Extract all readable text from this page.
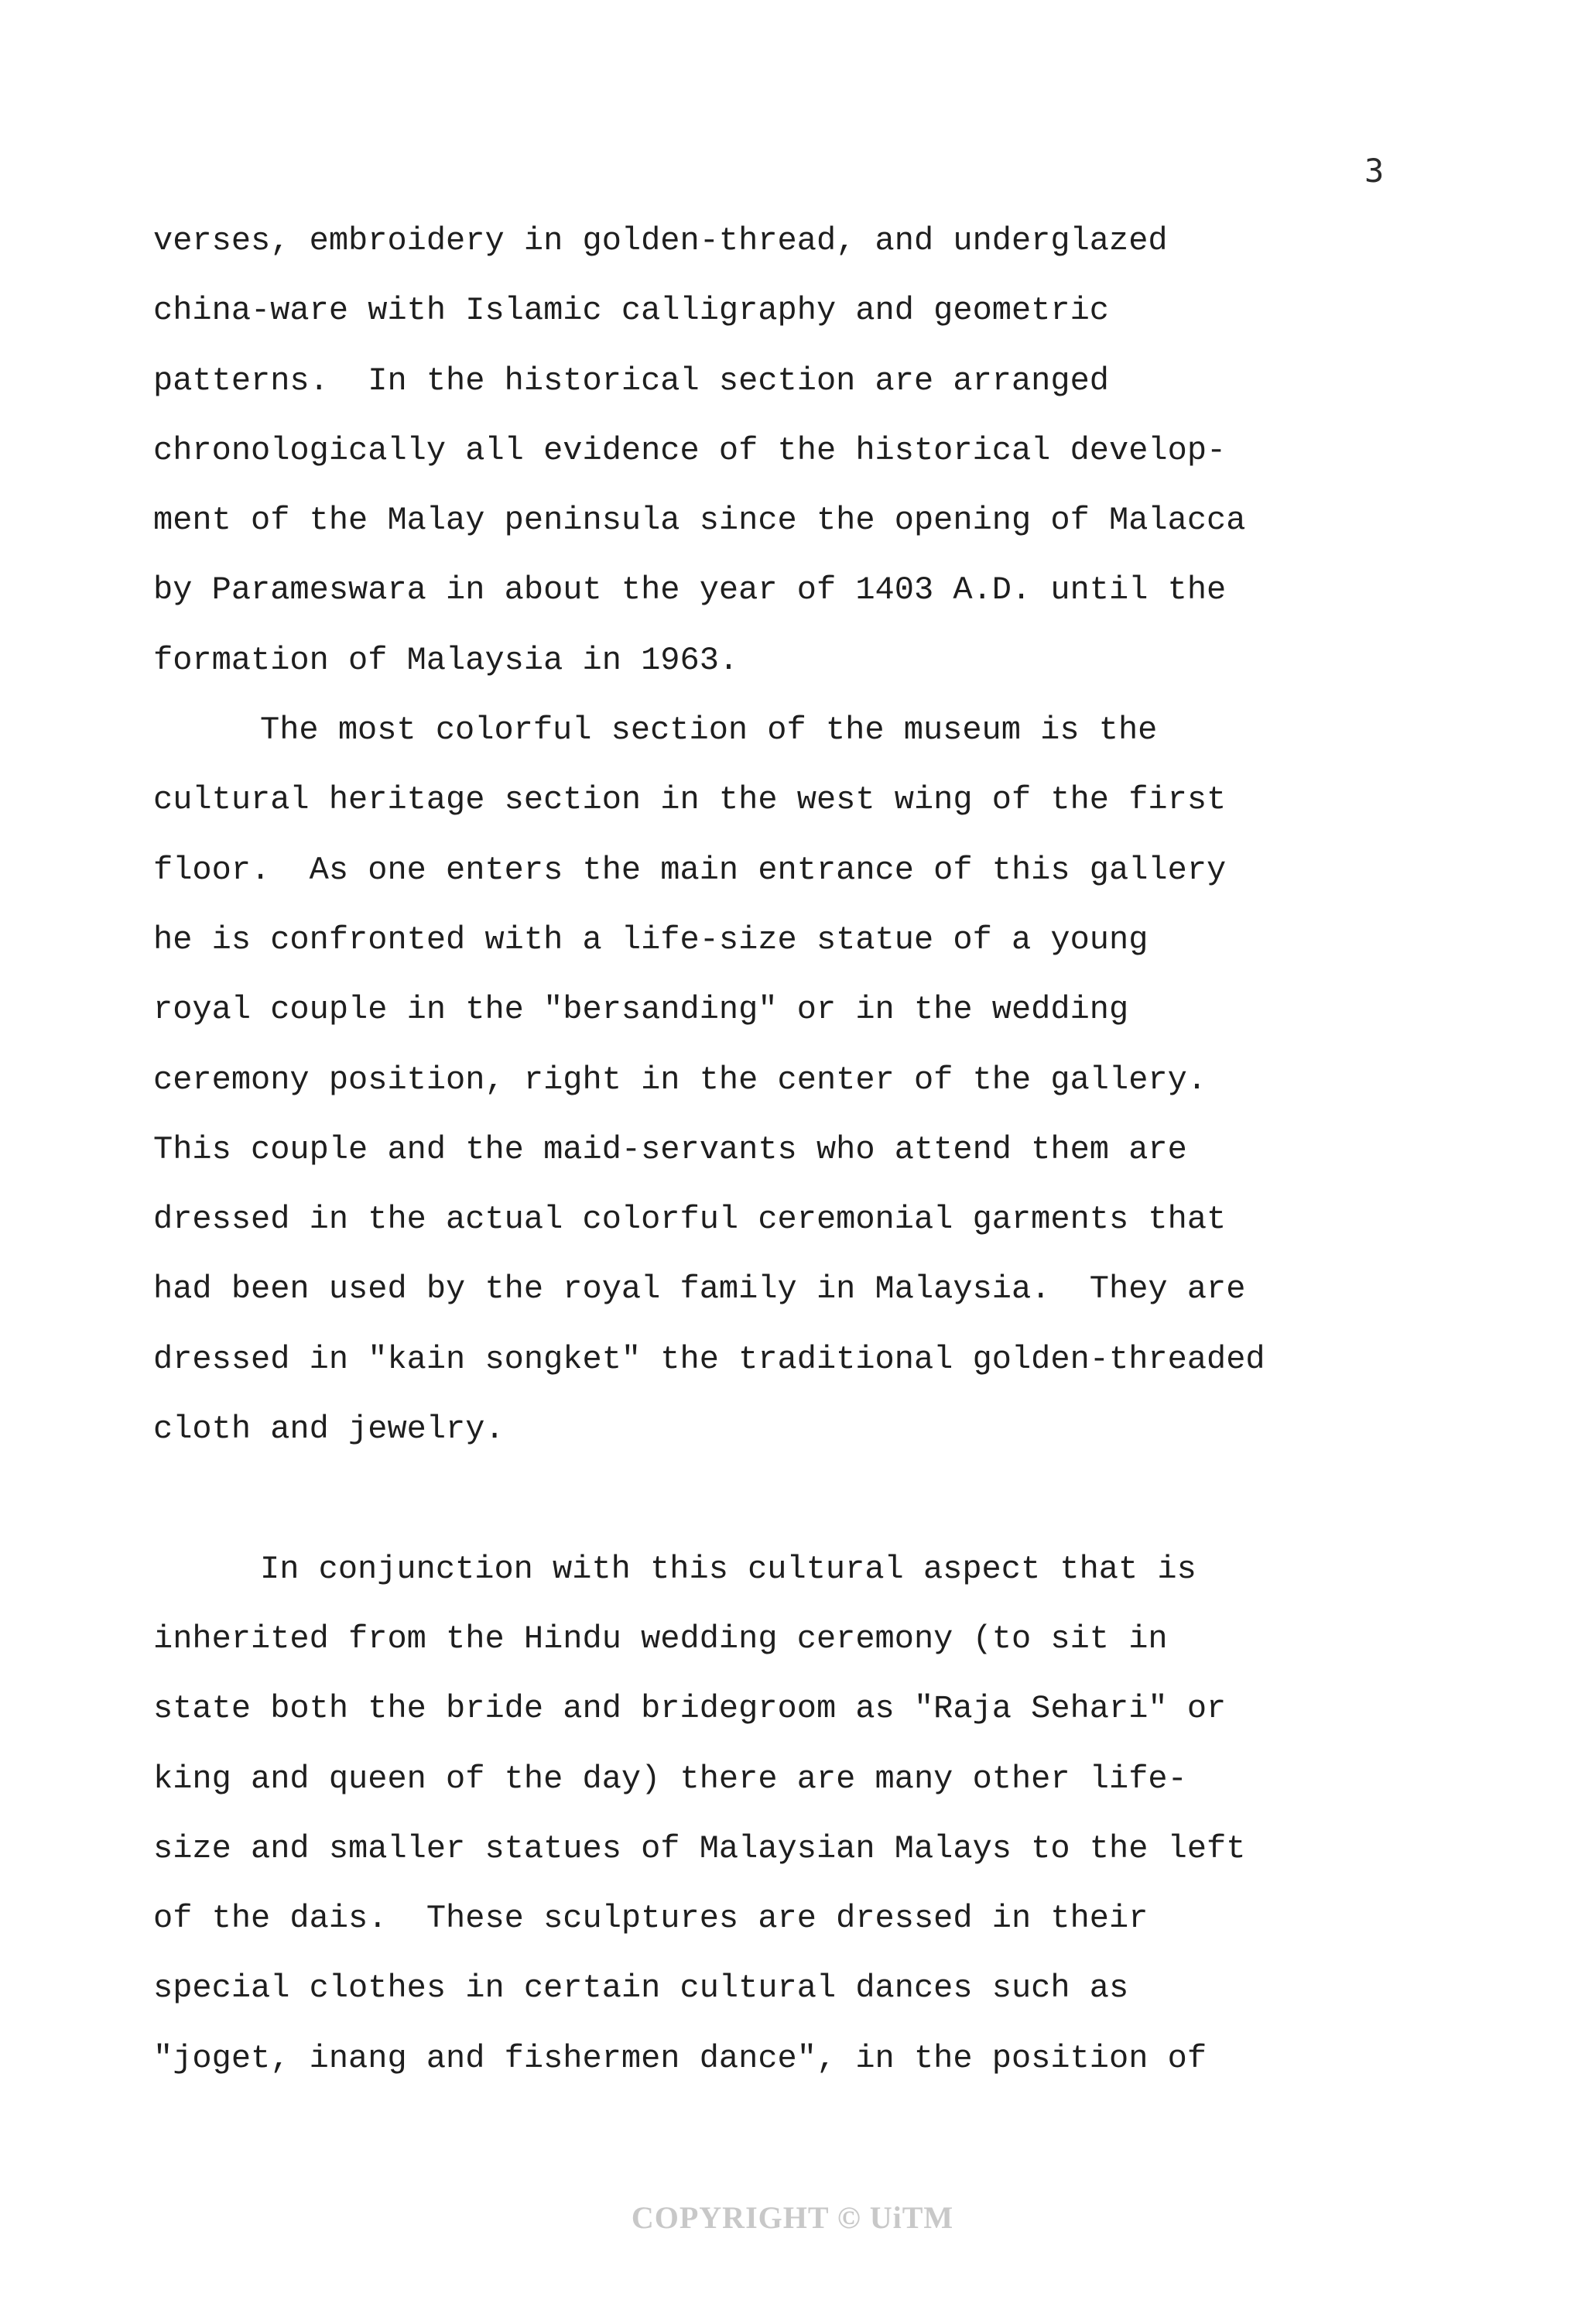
3
verses, embroidery in golden-thread, and underglazed
china-ware with Islamic calligraphy and geometric
patterns.  In the historical section are arranged
chronologically all evidence of the historical develop-
ment of the Malay peninsula since the opening of Malacca
by Parameswara in about the year of 1403 A.D. until the
formation of Malaysia in 1963.
The most colorful section of the museum is the
cultural heritage section in the west wing of the first
floor.  As one enters the main entrance of this gallery
he is confronted with a life-size statue of a young
royal couple in the "bersanding" or in the wedding
ceremony position, right in the center of the gallery.
This couple and the maid-servants who attend them are
dressed in the actual colorful ceremonial garments that
had been used by the royal family in Malaysia.  They are
dressed in "kain songket" the traditional golden-threaded
cloth and jewelry.
In conjunction with this cultural aspect that is
inherited from the Hindu wedding ceremony (to sit in
state both the bride and bridegroom as "Raja Sehari" or
king and queen of the day) there are many other life-
size and smaller statues of Malaysian Malays to the left
of the dais.  These sculptures are dressed in their
special clothes in certain cultural dances such as
"joget, inang and fishermen dance", in the position of
COPYRIGHT © UiTM
